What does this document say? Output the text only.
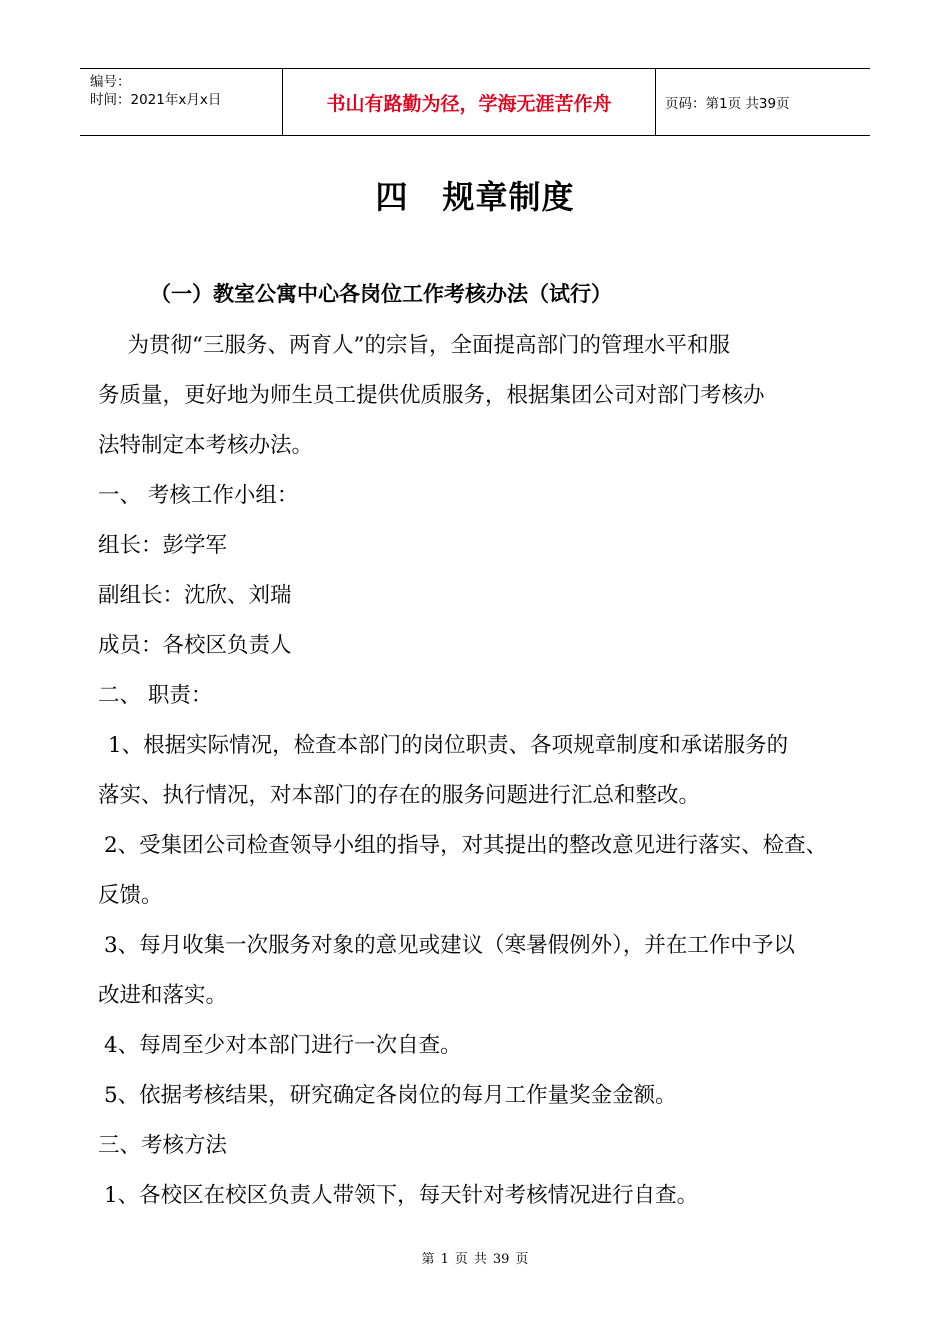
编号：
时间：2021年x月x日	书山有路勤为径，学海无涯苦作舟	页码：第1页 共39页
四 规章制度
（一）教室公寓中心各岗位工作考核办法（试行）
　为贯彻“三服务、两育人”的宗旨，全面提高部门的管理水平和服
务质量，更好地为师生员工提供优质服务，根据集团公司对部门考核办
法特制定本考核办法。
一、 考核工作小组：
组长：彭学军
副组长：沈欣、刘瑞
成员：各校区负责人
二、 职责：
1、根据实际情况，检查本部门的岗位职责、各项规章制度和承诺服务的
落实、执行情况，对本部门的存在的服务问题进行汇总和整改。
2、受集团公司检查领导小组的指导，对其提出的整改意见进行落实、检查、
反馈。
3、每月收集一次服务对象的意见或建议（寒暑假例外），并在工作中予以
改进和落实。
4、每周至少对本部门进行一次自查。
5、依据考核结果，研究确定各岗位的每月工作量奖金金额。
三、考核方法
1、各校区在校区负责人带领下，每天针对考核情况进行自查。
第 1 页 共 39 页
